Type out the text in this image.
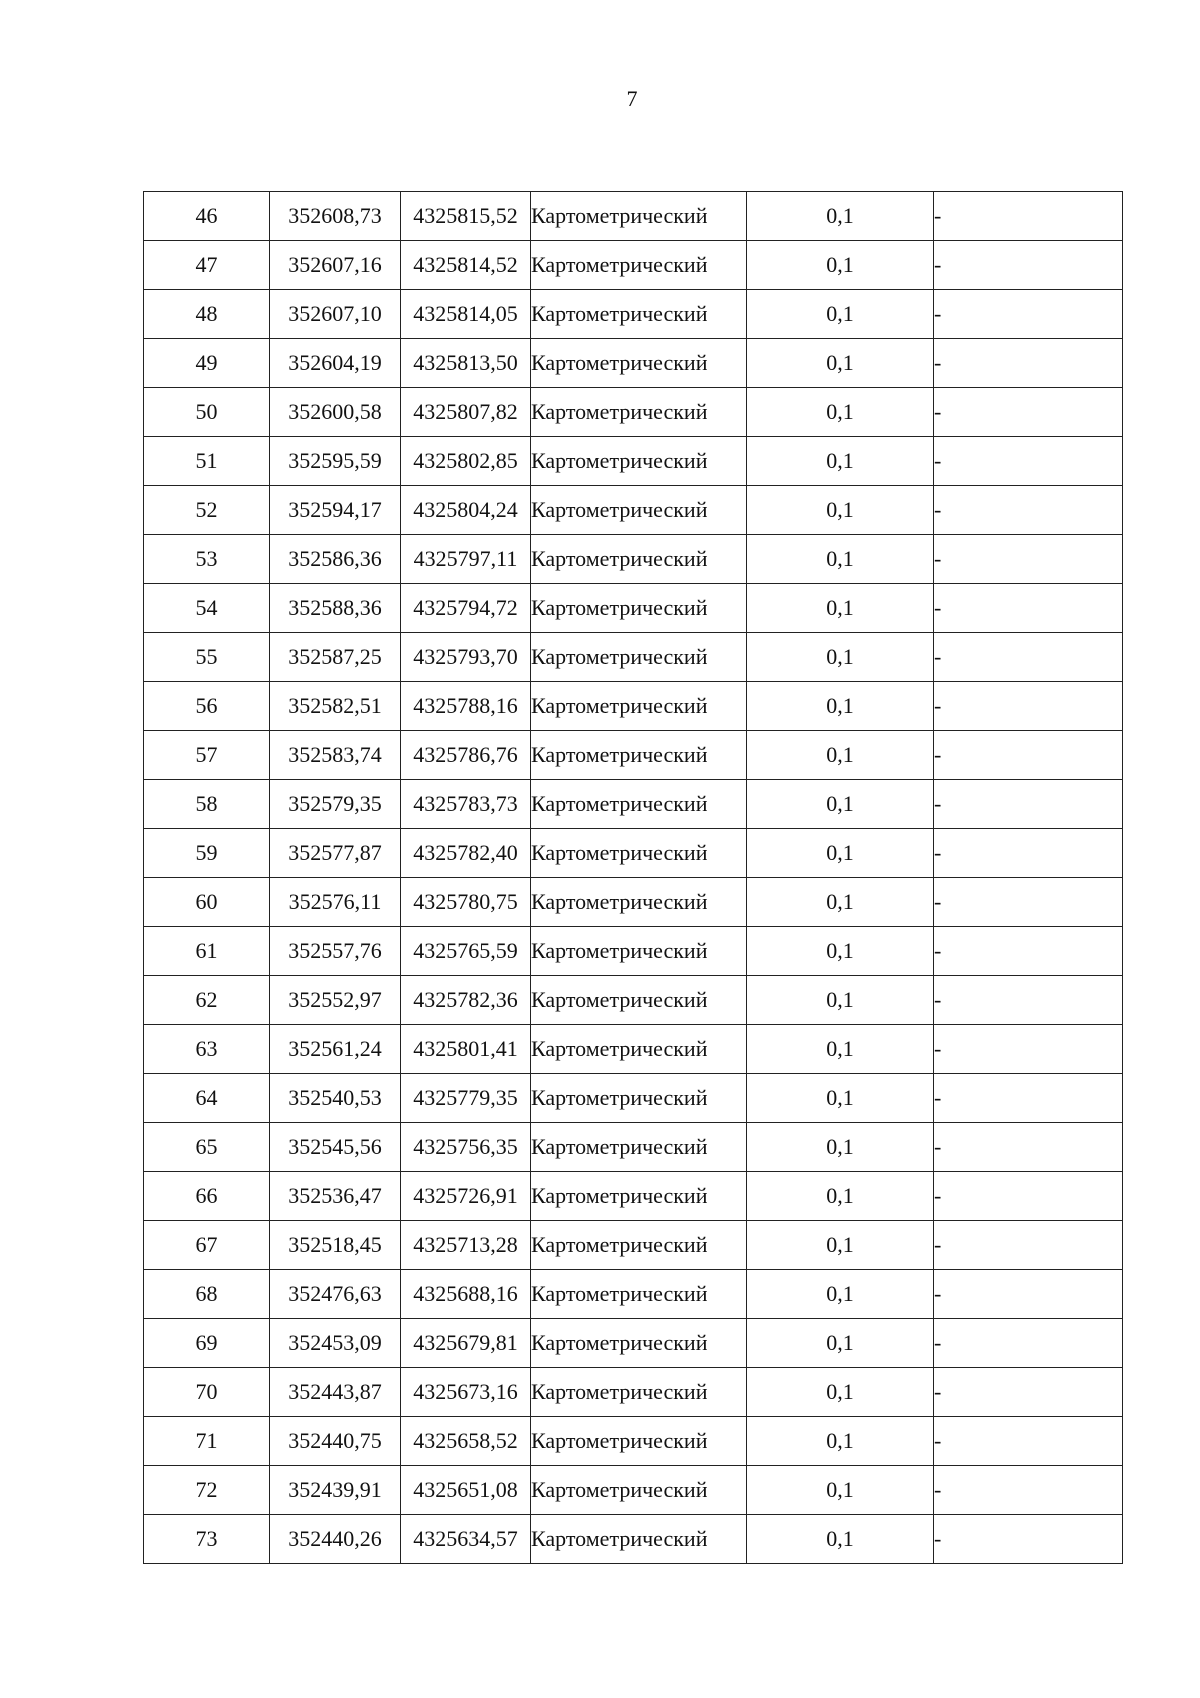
7
46	352608,73	4325815,52	Картометрический	0,1	-
47	352607,16	4325814,52	Картометрический	0,1	-
48	352607,10	4325814,05	Картометрический	0,1	-
49	352604,19	4325813,50	Картометрический	0,1	-
50	352600,58	4325807,82	Картометрический	0,1	-
51	352595,59	4325802,85	Картометрический	0,1	-
52	352594,17	4325804,24	Картометрический	0,1	-
53	352586,36	4325797,11	Картометрический	0,1	-
54	352588,36	4325794,72	Картометрический	0,1	-
55	352587,25	4325793,70	Картометрический	0,1	-
56	352582,51	4325788,16	Картометрический	0,1	-
57	352583,74	4325786,76	Картометрический	0,1	-
58	352579,35	4325783,73	Картометрический	0,1	-
59	352577,87	4325782,40	Картометрический	0,1	-
60	352576,11	4325780,75	Картометрический	0,1	-
61	352557,76	4325765,59	Картометрический	0,1	-
62	352552,97	4325782,36	Картометрический	0,1	-
63	352561,24	4325801,41	Картометрический	0,1	-
64	352540,53	4325779,35	Картометрический	0,1	-
65	352545,56	4325756,35	Картометрический	0,1	-
66	352536,47	4325726,91	Картометрический	0,1	-
67	352518,45	4325713,28	Картометрический	0,1	-
68	352476,63	4325688,16	Картометрический	0,1	-
69	352453,09	4325679,81	Картометрический	0,1	-
70	352443,87	4325673,16	Картометрический	0,1	-
71	352440,75	4325658,52	Картометрический	0,1	-
72	352439,91	4325651,08	Картометрический	0,1	-
73	352440,26	4325634,57	Картометрический	0,1	-
